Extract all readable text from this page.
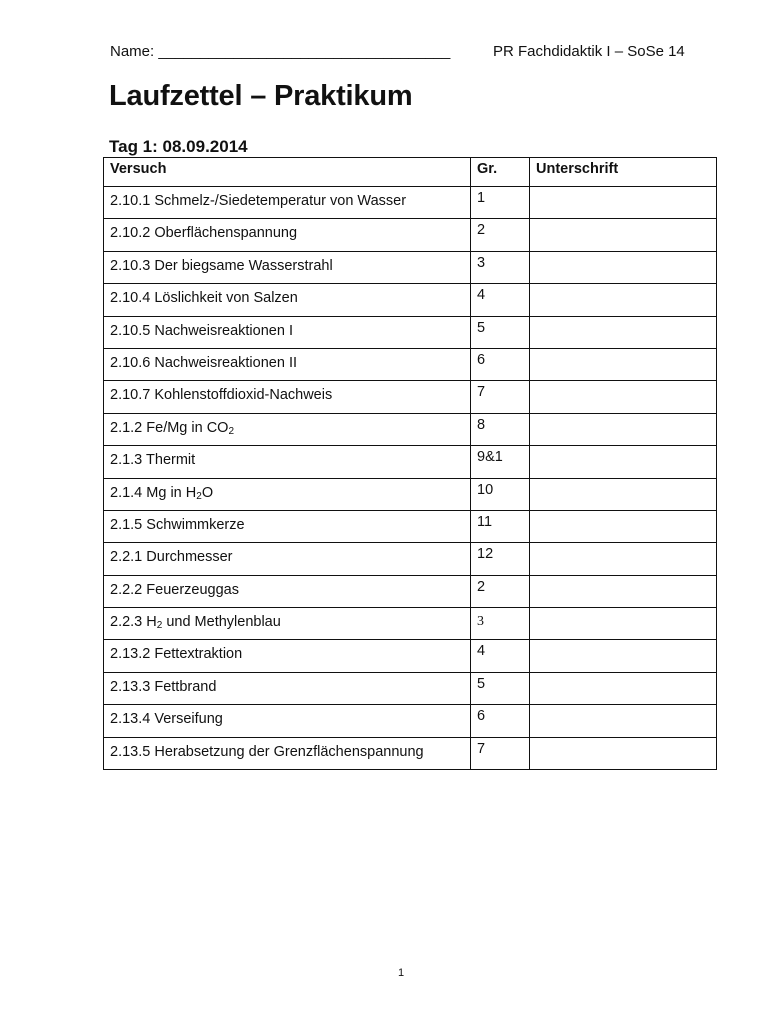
Name: ___________________________________	PR Fachdidaktik I – SoSe 14
Laufzettel – Praktikum
Tag 1: 08.09.2014
Versuch	Gr.	Unterschrift
2.10.1 Schmelz-/Siedetemperatur von Wasser	1	
2.10.2 Oberflächenspannung	2	
2.10.3 Der biegsame Wasserstrahl	3	
2.10.4 Löslichkeit von Salzen	4	
2.10.5 Nachweisreaktionen I	5	
2.10.6 Nachweisreaktionen II	6	
2.10.7 Kohlenstoffdioxid-Nachweis	7	
2.1.2 Fe/Mg in $CO_2$	8	
2.1.3 Thermit	9&1	
2.1.4 Mg in $H_2O$	10	
2.1.5 Schwimmkerze	11	
2.2.1 Durchmesser	12	
2.2.2 Feuerzeuggas	2	
2.2.3 $H_2$ und Methylenblau	3	
2.13.2 Fettextraktion	4	
2.13.3 Fettbrand	5	
2.13.4 Verseifung	6	
2.13.5 Herabsetzung der Grenzflächenspannung	7	
1
